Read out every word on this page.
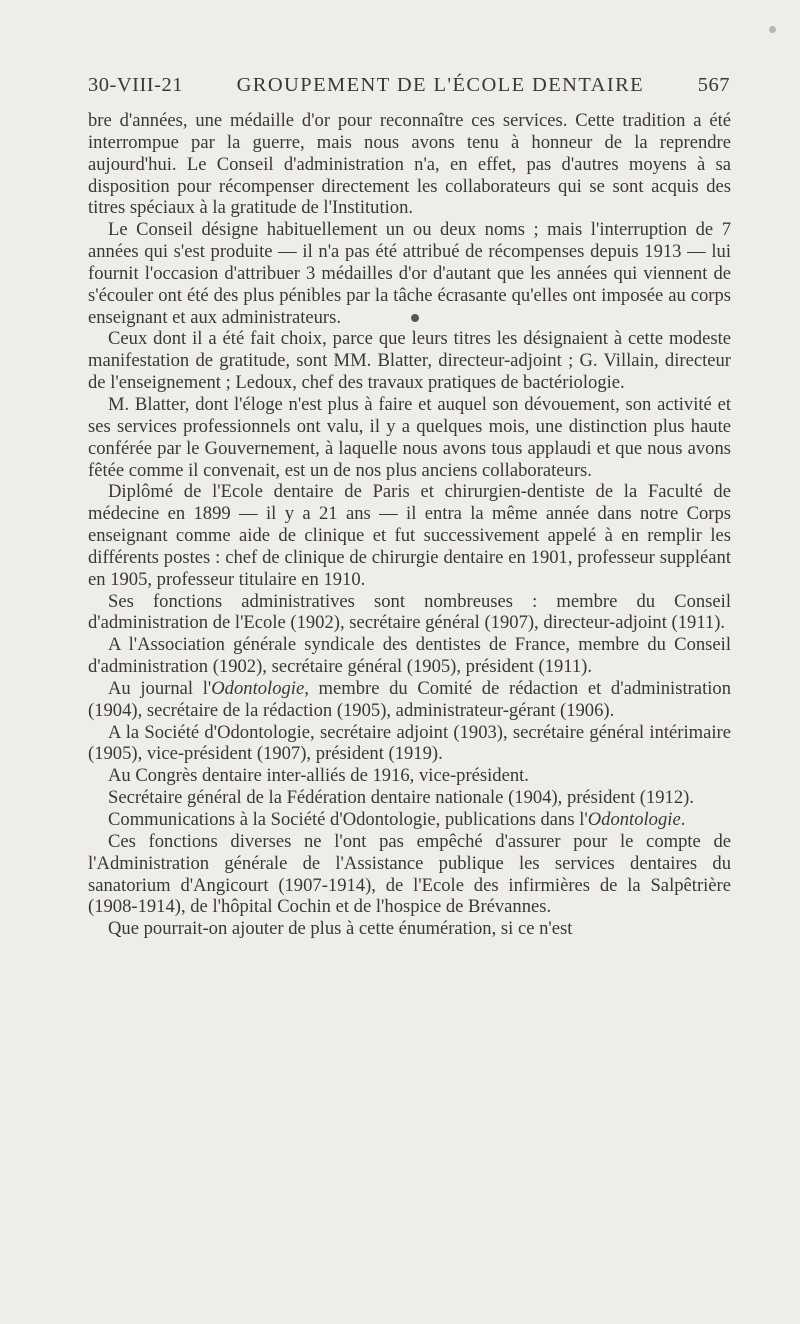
30-VIII-21	GROUPEMENT DE L'ÉCOLE DENTAIRE	567

bre d'années, une médaille d'or pour reconnaître ces services. Cette tradition a été interrompue par la guerre, mais nous avons tenu à honneur de la reprendre aujourd'hui. Le Conseil d'administration n'a, en effet, pas d'autres moyens à sa disposition pour récompenser directement les collaborateurs qui se sont acquis des titres spéciaux à la gratitude de l'Institution.

Le Conseil désigne habituellement un ou deux noms ; mais l'interruption de 7 années qui s'est produite — il n'a pas été attribué de récompenses depuis 1913 — lui fournit l'occasion d'attribuer 3 médailles d'or d'autant que les années qui viennent de s'écouler ont été des plus pénibles par la tâche écrasante qu'elles ont imposée au corps enseignant et aux administrateurs.

Ceux dont il a été fait choix, parce que leurs titres les désignaient à cette modeste manifestation de gratitude, sont MM. Blatter, directeur-adjoint ; G. Villain, directeur de l'enseignement ; Ledoux, chef des travaux pratiques de bactériologie.

M. Blatter, dont l'éloge n'est plus à faire et auquel son dévouement, son activité et ses services professionnels ont valu, il y a quelques mois, une distinction plus haute conférée par le Gouvernement, à laquelle nous avons tous applaudi et que nous avons fêtée comme il convenait, est un de nos plus anciens collaborateurs.

Diplômé de l'Ecole dentaire de Paris et chirurgien-dentiste de la Faculté de médecine en 1899 — il y a 21 ans — il entra la même année dans notre Corps enseignant comme aide de clinique et fut successivement appelé à en remplir les différents postes : chef de clinique de chirurgie dentaire en 1901, professeur suppléant en 1905, professeur titulaire en 1910.

Ses fonctions administratives sont nombreuses : membre du Conseil d'administration de l'Ecole (1902), secrétaire général (1907), directeur-adjoint (1911).

A l'Association générale syndicale des dentistes de France, membre du Conseil d'administration (1902), secrétaire général (1905), président (1911).

Au journal l'Odontologie, membre du Comité de rédaction et d'administration (1904), secrétaire de la rédaction (1905), administrateur-gérant (1906).

A la Société d'Odontologie, secrétaire adjoint (1903), secrétaire général intérimaire (1905), vice-président (1907), président (1919).

Au Congrès dentaire inter-alliés de 1916, vice-président.

Secrétaire général de la Fédération dentaire nationale (1904), président (1912).

Communications à la Société d'Odontologie, publications dans l'Odontologie.

Ces fonctions diverses ne l'ont pas empêché d'assurer pour le compte de l'Administration générale de l'Assistance publique les services dentaires du sanatorium d'Angicourt (1907-1914), de l'Ecole des infirmières de la Salpêtrière (1908-1914), de l'hôpital Cochin et de l'hospice de Brévannes.

Que pourrait-on ajouter de plus à cette énumération, si ce n'est
